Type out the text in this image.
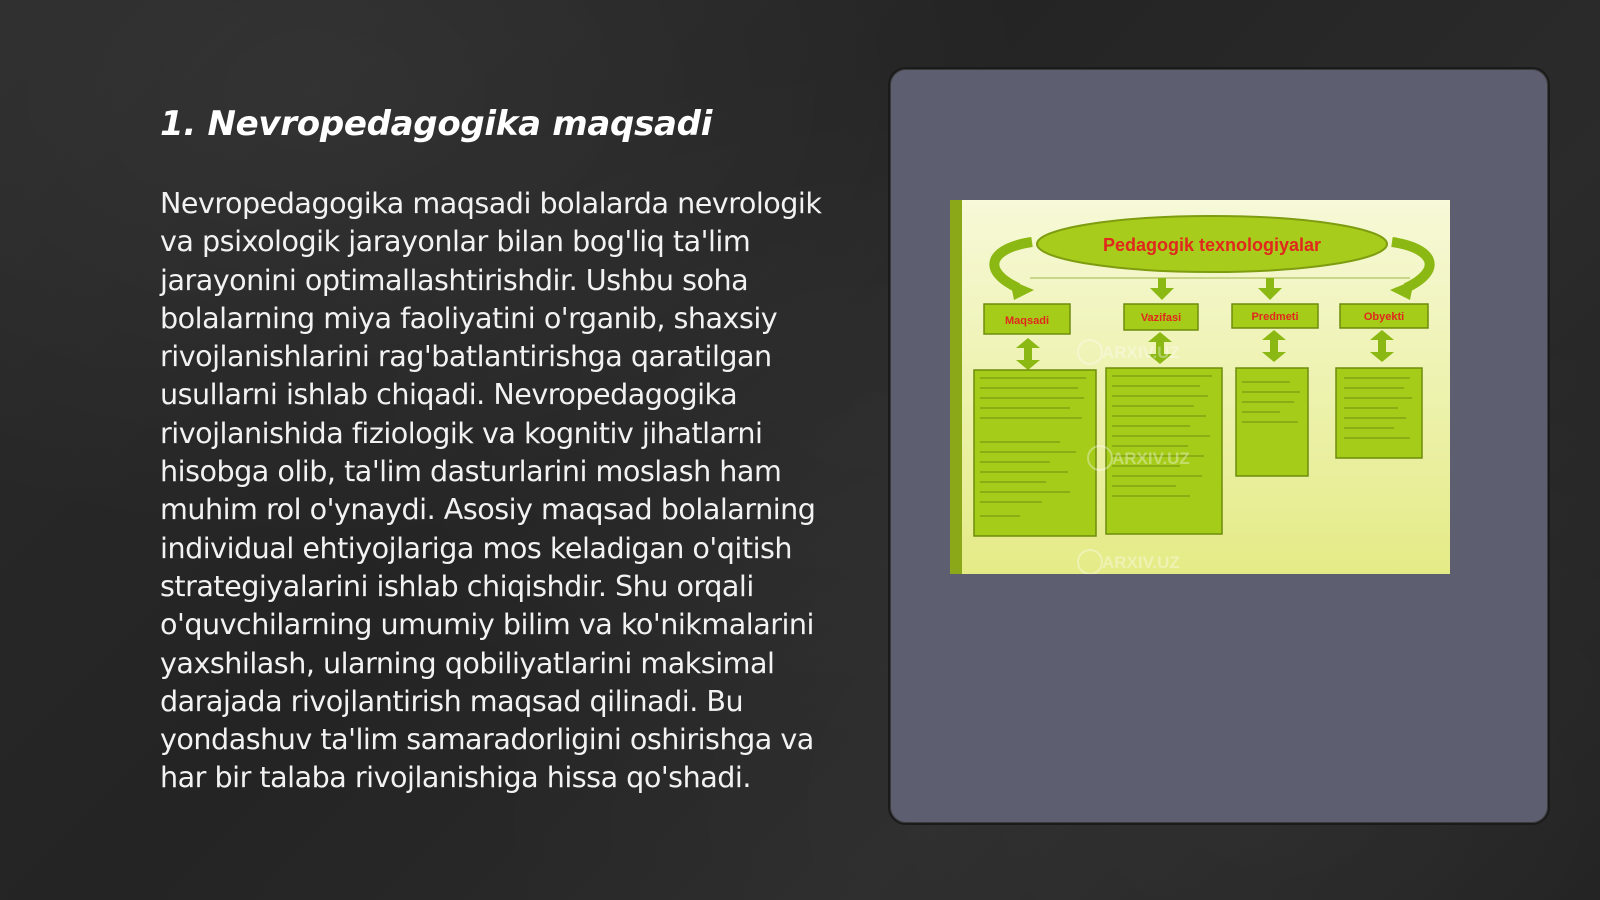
1. Nevropedagogika maqsadi

Nevropedagogika maqsadi bolalarda nevrologik va psixologik jarayonlar bilan bog'liq ta'lim jarayonini optimallashtirishdir. Ushbu soha bolalarning miya faoliyatini o'rganib, shaxsiy rivojlanishlarini rag'batlantirishga qaratilgan usullarni ishlab chiqadi. Nevropedagogika rivojlanishida fiziologik va kognitiv jihatlarni hisobga olib, ta'lim dasturlarini moslash ham muhim rol o'ynaydi. Asosiy maqsad bolalarning individual ehtiyojlariga mos keladigan o'qitish strategiyalarini ishlab chiqishdir. Shu orqali o'quvchilarning umumiy bilim va ko'nikmalarini yaxshilash, ularning qobiliyatlarini maksimal darajada rivojlantirish maqsad qilinadi. Bu yondashuv ta'lim samaradorligini oshirishga va har bir talaba rivojlanishiga hissa qo'shadi.

Pedagogik texnologiyalar
Maqsadi	Vazifasi	Predmeti	Obyekti
ARXIV.UZ
ARXIV.UZ
ARXIV.UZ
